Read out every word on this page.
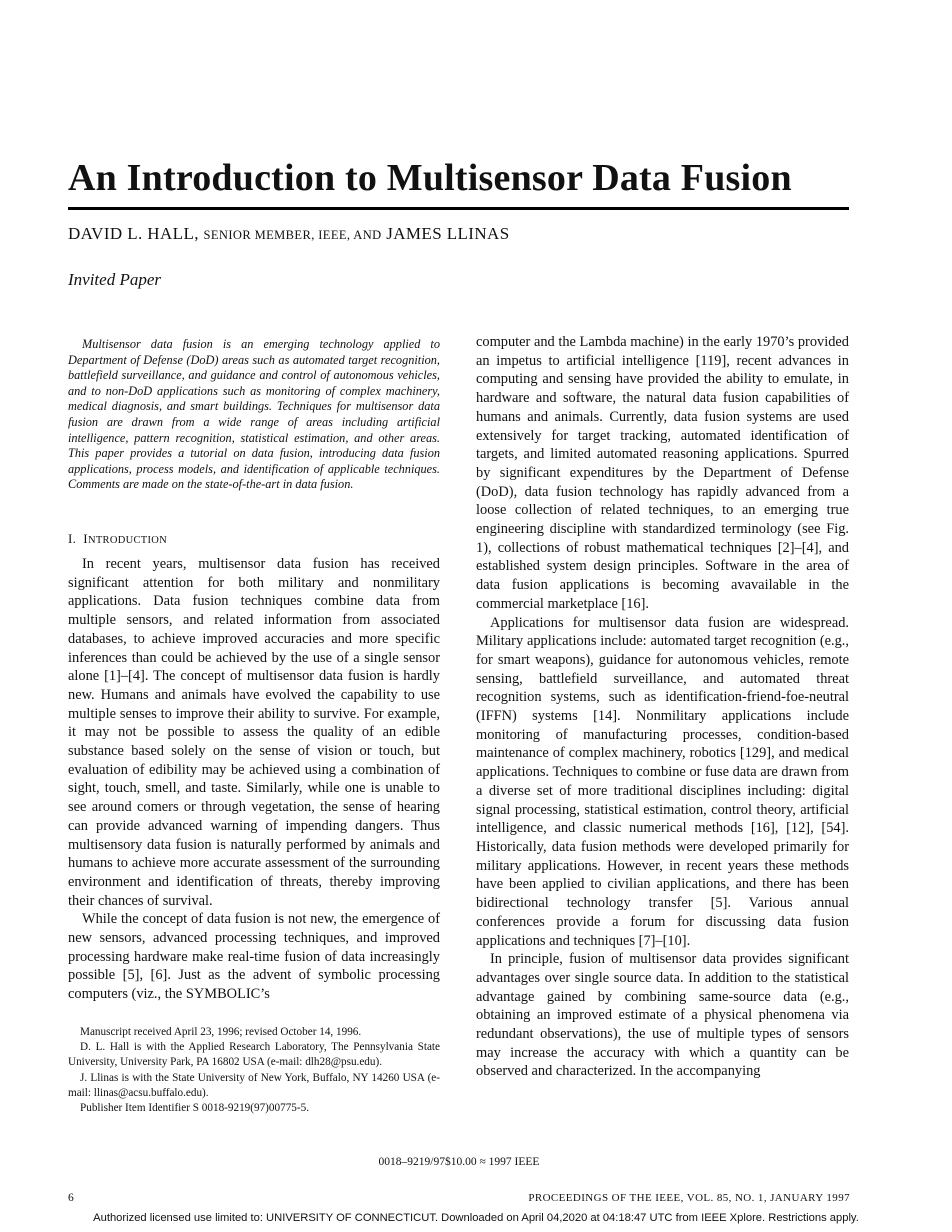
An Introduction to Multisensor Data Fusion
DAVID L. HALL, SENIOR MEMBER, IEEE, AND JAMES LLINAS
Invited Paper
Multisensor data fusion is an emerging technology applied to Department of Defense (DoD) areas such as automated target recognition, battlefield surveillance, and guidance and control of autonomous vehicles, and to non-DoD applications such as monitoring of complex machinery, medical diagnosis, and smart buildings. Techniques for multisensor data fusion are drawn from a wide range of areas including artificial intelligence, pattern recognition, statistical estimation, and other areas. This paper provides a tutorial on data fusion, introducing data fusion applications, process models, and identification of applicable techniques. Comments are made on the state-of-the-art in data fusion.
I. INTRODUCTION

In recent years, multisensor data fusion has received significant attention for both military and nonmilitary applications. Data fusion techniques combine data from multiple sensors, and related information from associated databases, to achieve improved accuracies and more specific inferences than could be achieved by the use of a single sensor alone [1]–[4]. The concept of multisensor data fusion is hardly new. Humans and animals have evolved the capability to use multiple senses to improve their ability to survive. For example, it may not be possible to assess the quality of an edible substance based solely on the sense of vision or touch, but evaluation of edibility may be achieved using a combination of sight, touch, smell, and taste. Similarly, while one is unable to see around comers or through vegetation, the sense of hearing can provide advanced warning of impending dangers. Thus multisensory data fusion is naturally performed by animals and humans to achieve more accurate assessment of the surrounding environment and identification of threats, thereby improving their chances of survival.

While the concept of data fusion is not new, the emergence of new sensors, advanced processing techniques, and improved processing hardware make real-time fusion of data increasingly possible [5], [6]. Just as the advent of symbolic processing computers (viz., the SYMBOLIC’s

Manuscript received April 23, 1996; revised October 14, 1996.
D. L. Hall is with the Applied Research Laboratory, The Pennsylvania State University, University Park, PA 16802 USA (e-mail: dlh28@psu.edu).
J. Llinas is with the State University of New York, Buffalo, NY 14260 USA (e-mail: llinas@acsu.buffalo.edu).
Publisher Item Identifier S 0018-9219(97)00775-5.

computer and the Lambda machine) in the early 1970’s provided an impetus to artificial intelligence [119], recent advances in computing and sensing have provided the ability to emulate, in hardware and software, the natural data fusion capabilities of humans and animals. Currently, data fusion systems are used extensively for target tracking, automated identification of targets, and limited automated reasoning applications. Spurred by significant expenditures by the Department of Defense (DoD), data fusion technology has rapidly advanced from a loose collection of related techniques, to an emerging true engineering discipline with standardized terminology (see Fig. 1), collections of robust mathematical techniques [2]–[4], and established system design principles. Software in the area of data fusion applications is becoming avavailable in the commercial marketplace [16].

Applications for multisensor data fusion are widespread. Military applications include: automated target recognition (e.g., for smart weapons), guidance for autonomous vehicles, remote sensing, battlefield surveillance, and automated threat recognition systems, such as identification-friend-foe-neutral (IFFN) systems [14]. Nonmilitary applications include monitoring of manufacturing processes, condition-based maintenance of complex machinery, robotics [129], and medical applications. Techniques to combine or fuse data are drawn from a diverse set of more traditional disciplines including: digital signal processing, statistical estimation, control theory, artificial intelligence, and classic numerical methods [16], [12], [54]. Historically, data fusion methods were developed primarily for military applications. However, in recent years these methods have been applied to civilian applications, and there has been bidirectional technology transfer [5]. Various annual conferences provide a forum for discussing data fusion applications and techniques [7]–[10].

In principle, fusion of multisensor data provides significant advantages over single source data. In addition to the statistical advantage gained by combining same-source data (e.g., obtaining an improved estimate of a physical phenomena via redundant observations), the use of multiple types of sensors may increase the accuracy with which a quantity can be observed and characterized. In the accompanying

0018–9219/97$10.00 ≈ 1997 IEEE
6	PROCEEDINGS OF THE IEEE, VOL. 85, NO. 1, JANUARY 1997
Authorized licensed use limited to: UNIVERSITY OF CONNECTICUT. Downloaded on April 04,2020 at 04:18:47 UTC from IEEE Xplore. Restrictions apply.
